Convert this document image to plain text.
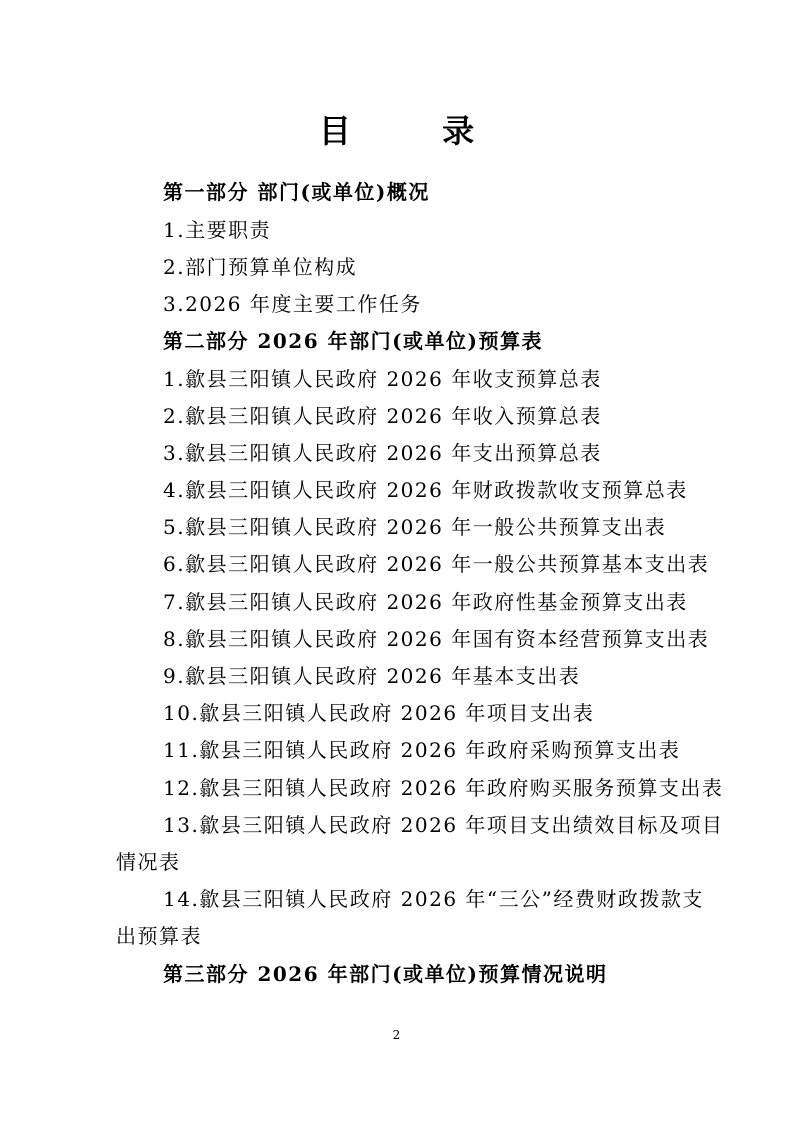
目 录
第一部分 部门(或单位)概况
1.主要职责
2.部门预算单位构成
3.2026 年度主要工作任务
第二部分 2026 年部门(或单位)预算表
1.歙县三阳镇人民政府 2026 年收支预算总表
2.歙县三阳镇人民政府 2026 年收入预算总表
3.歙县三阳镇人民政府 2026 年支出预算总表
4.歙县三阳镇人民政府 2026 年财政拨款收支预算总表
5.歙县三阳镇人民政府 2026 年一般公共预算支出表
6.歙县三阳镇人民政府 2026 年一般公共预算基本支出表
7.歙县三阳镇人民政府 2026 年政府性基金预算支出表
8.歙县三阳镇人民政府 2026 年国有资本经营预算支出表
9.歙县三阳镇人民政府 2026 年基本支出表
10.歙县三阳镇人民政府 2026 年项目支出表
11.歙县三阳镇人民政府 2026 年政府采购预算支出表
12.歙县三阳镇人民政府 2026 年政府购买服务预算支出表
13.歙县三阳镇人民政府 2026 年项目支出绩效目标及项目
情况表
14.歙县三阳镇人民政府 2026 年“三公”经费财政拨款支
出预算表
第三部分 2026 年部门(或单位)预算情况说明
2
